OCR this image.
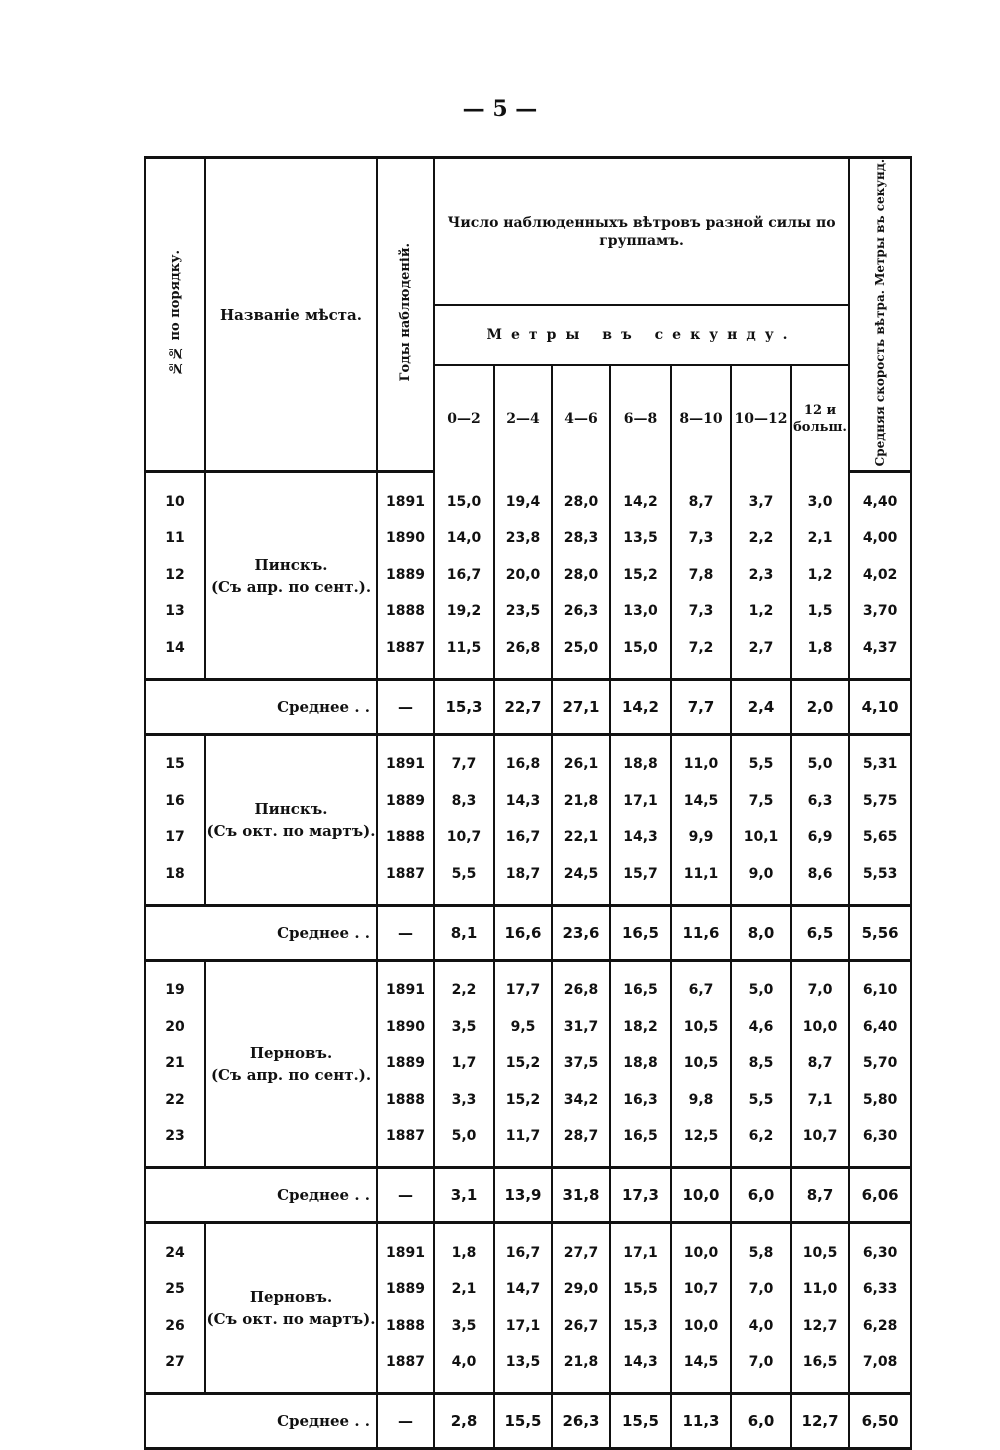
— 5 —
№№ по порядку.	Названіе мѣста.	Годы наблюденій.	Число наблюденныхъ вѣтровъ разной силы по группамъ.							Средняя скорость вѣтра. Метры въ секунд.
			Метры въ секунду.							
			0—2	2—4	4—6	6—8	8—10	10—12	12 и больш.	

	Пинскъ.
(Съ апр. по сент.).									

10		1891	15,0	19,4	28,0	14,2	8,7	3,7	3,0	4,40
11		1890	14,0	23,8	28,3	13,5	7,3	2,2	2,1	4,00
12		1889	16,7	20,0	28,0	15,2	7,8	2,3	1,2	4,02
13		1888	19,2	23,5	26,3	13,0	7,3	1,2	1,5	3,70
14		1887	11,5	26,8	25,0	15,0	7,2	2,7	1,8	4,37

Среднее . .		—	15,3	22,7	27,1	14,2	7,7	2,4	2,0	4,10

	Пинскъ.
(Съ окт. по мартъ).									

15		1891	7,7	16,8	26,1	18,8	11,0	5,5	5,0	5,31
16		1889	8,3	14,3	21,8	17,1	14,5	7,5	6,3	5,75
17		1888	10,7	16,7	22,1	14,3	9,9	10,1	6,9	5,65
18		1887	5,5	18,7	24,5	15,7	11,1	9,0	8,6	5,53

Среднее . .		—	8,1	16,6	23,6	16,5	11,6	8,0	6,5	5,56

	Перновъ.
(Съ апр. по сент.).									

19		1891	2,2	17,7	26,8	16,5	6,7	5,0	7,0	6,10
20		1890	3,5	9,5	31,7	18,2	10,5	4,6	10,0	6,40
21		1889	1,7	15,2	37,5	18,8	10,5	8,5	8,7	5,70
22		1888	3,3	15,2	34,2	16,3	9,8	5,5	7,1	5,80
23		1887	5,0	11,7	28,7	16,5	12,5	6,2	10,7	6,30

Среднее . .		—	3,1	13,9	31,8	17,3	10,0	6,0	8,7	6,06

	Перновъ.
(Съ окт. по мартъ).									

24		1891	1,8	16,7	27,7	17,1	10,0	5,8	10,5	6,30
25		1889	2,1	14,7	29,0	15,5	10,7	7,0	11,0	6,33
26		1888	3,5	17,1	26,7	15,3	10,0	4,0	12,7	6,28
27		1887	4,0	13,5	21,8	14,3	14,5	7,0	16,5	7,08

Среднее . .		—	2,8	15,5	26,3	15,5	11,3	6,0	12,7	6,50
